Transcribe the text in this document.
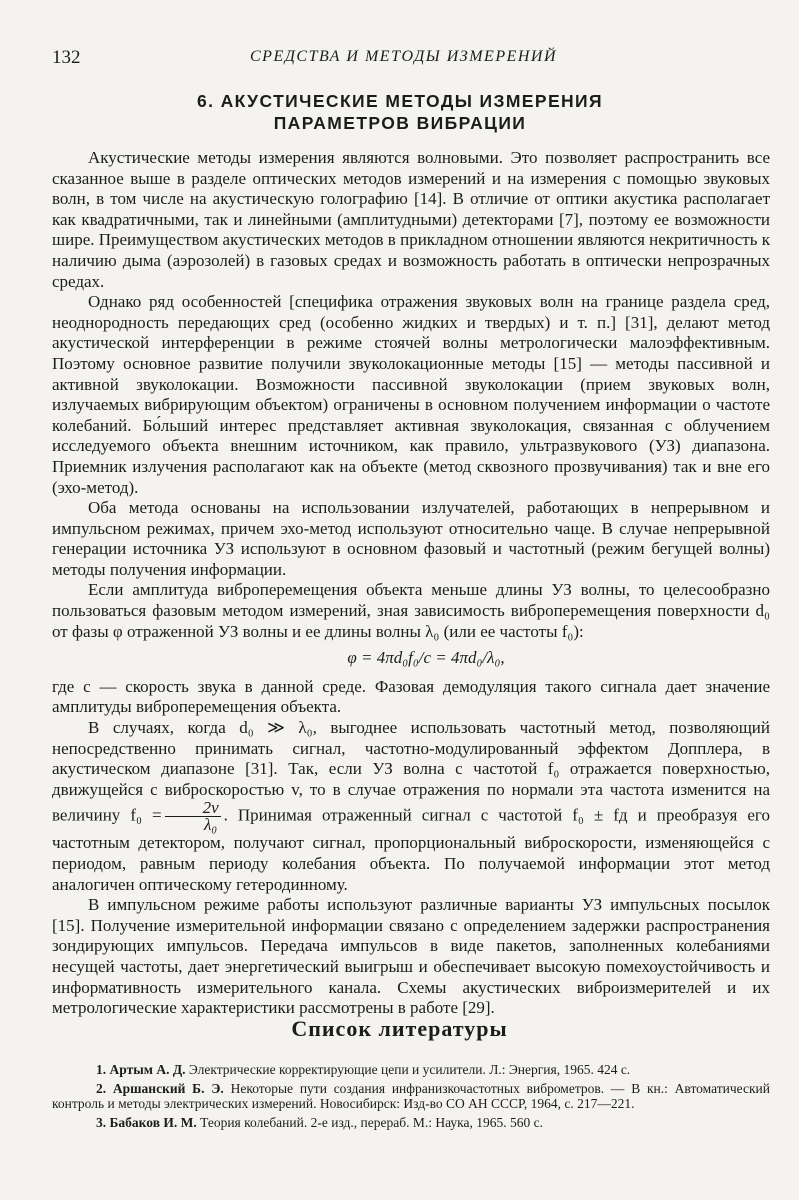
132	СРЕДСТВА И МЕТОДЫ ИЗМЕРЕНИЙ
6. АКУСТИЧЕСКИЕ МЕТОДЫ ИЗМЕРЕНИЯ
ПАРАМЕТРОВ ВИБРАЦИИ

Акустические методы измерения являются волновыми. Это позволяет распространить все сказанное выше в разделе оптических методов измерений и на измерения с помощью звуковых волн, в том числе на акустическую голографию [14]. В отличие от оптики акустика располагает как квадратичными, так и линейными (амплитудными) детекторами [7], поэтому ее возможности шире. Преимуществом акустических методов в прикладном отношении являются некритичность к наличию дыма (аэрозолей) в газовых средах и возможность работать в оптически непрозрачных средах.

Однако ряд особенностей [специфика отражения звуковых волн на границе раздела сред, неоднородность передающих сред (особенно жидких и твердых) и т. п.] [31], делают метод акустической интерференции в режиме стоячей волны метрологически малоэффективным. Поэтому основное развитие получили звуколокационные методы [15] — методы пассивной и активной звуколокации. Возможности пассивной звуколокации (прием звуковых волн, излучаемых вибрирующим объектом) ограничены в основном получением информации о частоте колебаний. Бо́льший интерес представляет активная звуколокация, связанная с облучением исследуемого объекта внешним источником, как правило, ультразвукового (УЗ) диапазона. Приемник излучения располагают как на объекте (метод сквозного прозвучивания) так и вне его (эхо-метод).

Оба метода основаны на использовании излучателей, работающих в непрерывном и импульсном режимах, причем эхо-метод используют относительно чаще. В случае непрерывной генерации источника УЗ используют в основном фазовый и частотный (режим бегущей волны) методы получения информации.

Если амплитуда виброперемещения объекта меньше длины УЗ волны, то целесообразно пользоваться фазовым методом измерений, зная зависимость виброперемещения поверхности d₀ от фазы φ отраженной УЗ волны и ее длины волны λ₀ (или ее частоты f₀):

φ = 4πd₀f₀/c = 4πd₀/λ₀,

где c — скорость звука в данной среде. Фазовая демодуляция такого сигнала дает значение амплитуды виброперемещения объекта.

В случаях, когда d₀ ≫ λ₀, выгоднее использовать частотный метод, позволяющий непосредственно принимать сигнал, частотно-модулированный эффектом Допплера, в акустическом диапазоне [31]. Так, если УЗ волна с частотой f₀ отражается поверхностью, движущейся с виброскоростью v, то в случае отражения по нормали эта частота изменится на величину $f_0 = \frac{2v}{\text{λ₀}}$ . Принимая отраженный сигнал с частотой f₀ ± fд и преобразуя его частотным детектором, получают сигнал, пропорциональный виброскорости, изменяющейся с периодом, равным периоду колебания объекта. По получаемой информации этот метод аналогичен оптическому гетеродинному.

В импульсном режиме работы используют различные варианты УЗ импульсных посылок [15]. Получение измерительной информации связано с определением задержки распространения зондирующих импульсов. Передача импульсов в виде пакетов, заполненных колебаниями несущей частоты, дает энергетический выигрыш и обеспечивает высокую помехоустойчивость и информативность измерительного канала. Схемы акустических виброизмерителей и их метрологические характеристики рассмотрены в работе [29].

Список литературы

1. Артым А. Д. Электрические корректирующие цепи и усилители. Л.: Энергия, 1965. 424 с.

2. Аршанский Б. Э. Некоторые пути создания инфранизкочастотных виброметров. — В кн.: Автоматический контроль и методы электрических измерений. Новосибирск: Изд-во СО АН СССР, 1964, с. 217—221.

3. Бабаков И. М. Теория колебаний. 2-е изд., перераб. М.: Наука, 1965. 560 с.
